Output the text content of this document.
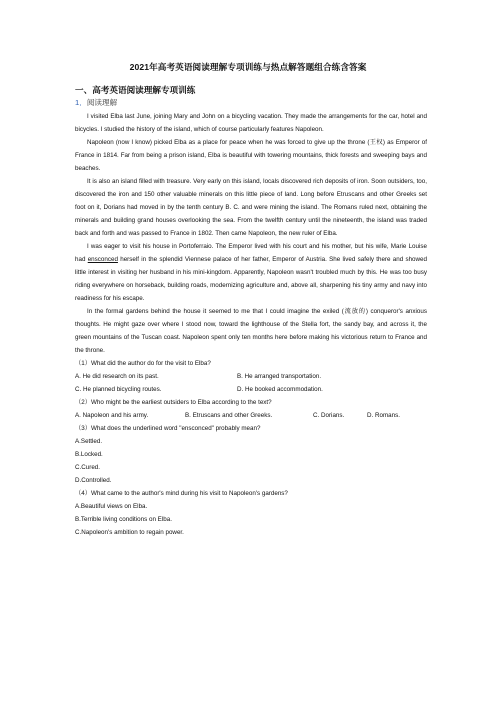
2021年高考英语阅读理解专项训练与热点解答题组合练含答案
一、高考英语阅读理解专项训练
1．阅读理解

I visited Elba last June, joining Mary and John on a bicycling vacation. They made the arrangements for the car, hotel and bicycles. I studied the history of the island, which of course particularly features Napoleon.

Napoleon (now I know) picked Elba as a place for peace when he was forced to give up the throne (王权) as Emperor of France in 1814. Far from being a prison island, Elba is beautiful with towering mountains, thick forests and sweeping bays and beaches.

It is also an island filled with treasure. Very early on this island, locals discovered rich deposits of iron. Soon outsiders, too, discovered the iron and 150 other valuable minerals on this little piece of land. Long before Etruscans and other Greeks set foot on it, Dorians had moved in by the tenth century B. C. and were mining the island. The Romans ruled next, obtaining the minerals and building grand houses overlooking the sea. From the twelfth century until the nineteenth, the island was traded back and forth and was passed to France in 1802. Then came Napoleon, the new ruler of Elba.

I was eager to visit his house in Portoferraio. The Emperor lived with his court and his mother, but his wife, Marie Louise had ensconced herself in the splendid Viennese palace of her father, Emperor of Austria. She lived safely there and showed little interest in visiting her husband in his mini-kingdom. Apparently, Napoleon wasn't troubled much by this. He was too busy riding everywhere on horseback, building roads, modernizing agriculture and, above all, sharpening his tiny army and navy into readiness for his escape.

In the formal gardens behind the house it seemed to me that I could imagine the exiled (流放的) conqueror's anxious thoughts. He might gaze over where I stood now, toward the lighthouse of the Stella fort, the sandy bay, and across it, the green mountains of the Tuscan coast. Napoleon spent only ten months here before making his victorious return to France and the throne.

（1）What did the author do for the visit to Elba?

A. He did research on its past.	B. He arranged transportation.
C. He planned bicycling routes.	D. He booked accommodation.

（2）Who might be the earliest outsiders to Elba according to the text?

A. Napoleon and his army.	B. Etruscans and other Greeks.	C. Dorians.	D. Romans.

（3）What does the underlined word "ensconced" probably mean?

A.Settled.

B.Locked.

C.Cured.

D.Controlled.

（4）What came to the author's mind during his visit to Napoleon's gardens?

A.Beautiful views on Elba.

B.Terrible living conditions on Elba.

C.Napoleon's ambition to regain power.
